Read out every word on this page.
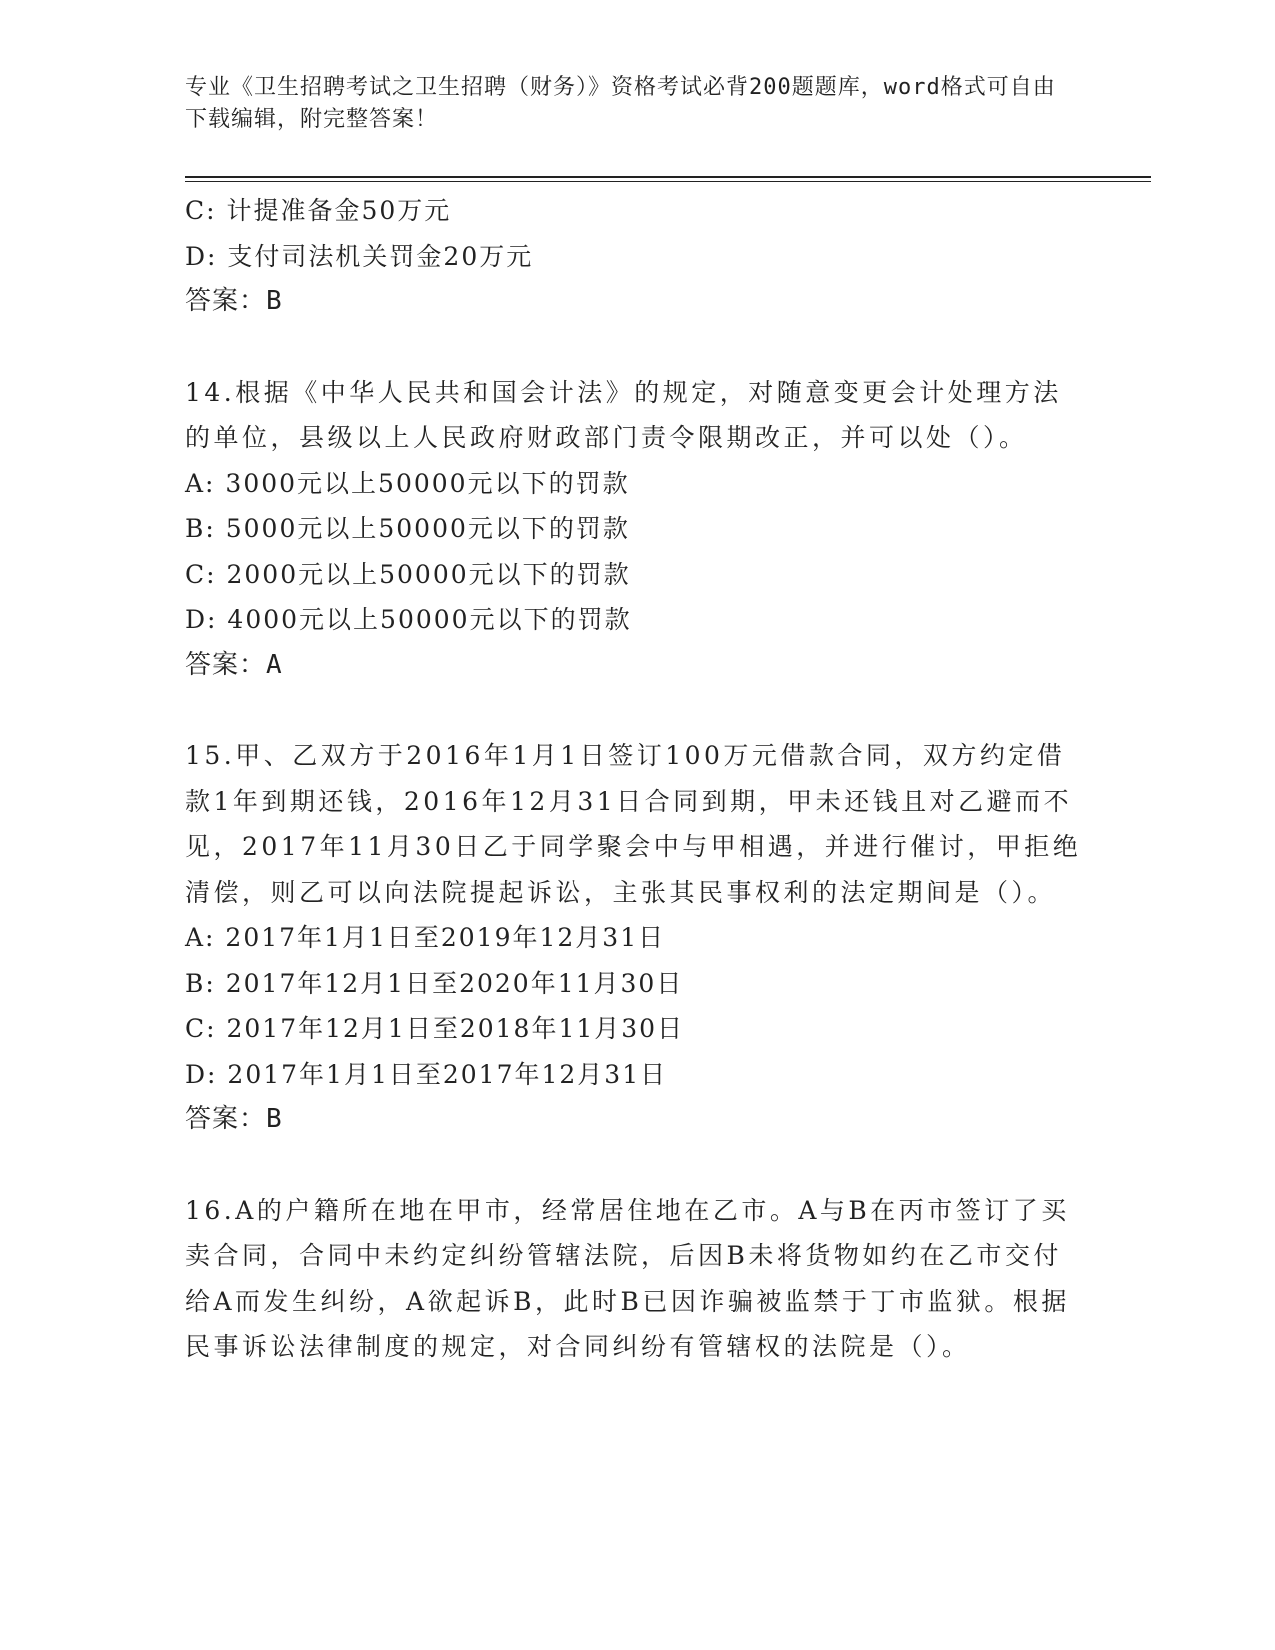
专业《卫生招聘考试之卫生招聘（财务）》资格考试必背200题题库，word格式可自由下载编辑，附完整答案！
C: 计提准备金50万元
D: 支付司法机关罚金20万元
答案：B
14.根据《中华人民共和国会计法》的规定，对随意变更会计处理方法的单位，县级以上人民政府财政部门责令限期改正，并可以处（）。
A: 3000元以上50000元以下的罚款
B: 5000元以上50000元以下的罚款
C: 2000元以上50000元以下的罚款
D: 4000元以上50000元以下的罚款
答案：A
15.甲、乙双方于2016年1月1日签订100万元借款合同，双方约定借款1年到期还钱，2016年12月31日合同到期，甲未还钱且对乙避而不见，2017年11月30日乙于同学聚会中与甲相遇，并进行催讨，甲拒绝清偿，则乙可以向法院提起诉讼，主张其民事权利的法定期间是（）。
A: 2017年1月1日至2019年12月31日
B: 2017年12月1日至2020年11月30日
C: 2017年12月1日至2018年11月30日
D: 2017年1月1日至2017年12月31日
答案：B
16.A的户籍所在地在甲市，经常居住地在乙市。A与B在丙市签订了买卖合同，合同中未约定纠纷管辖法院，后因B未将货物如约在乙市交付给A而发生纠纷，A欲起诉B，此时B已因诈骗被监禁于丁市监狱。根据民事诉讼法律制度的规定，对合同纠纷有管辖权的法院是（）。
